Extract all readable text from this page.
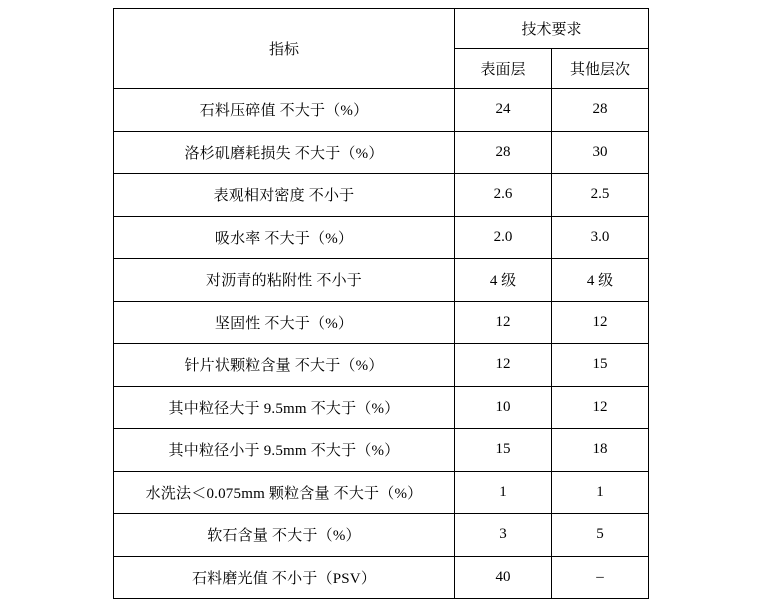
指标	技术要求	
	表面层	其他层次
石料压碎值 不大于（%）	24	28
洛杉矶磨耗损失 不大于（%）	28	30
表观相对密度 不小于	2.6	2.5
吸水率 不大于（%）	2.0	3.0
对沥青的粘附性 不小于	4 级	4 级
坚固性 不大于（%）	12	12
针片状颗粒含量 不大于（%）	12	15
其中粒径大于 9.5mm 不大于（%）	10	12
其中粒径小于 9.5mm 不大于（%）	15	18
水洗法＜0.075mm 颗粒含量 不大于（%）	1	1
软石含量 不大于（%）	3	5
石料磨光值 不小于（PSV）	40	–
